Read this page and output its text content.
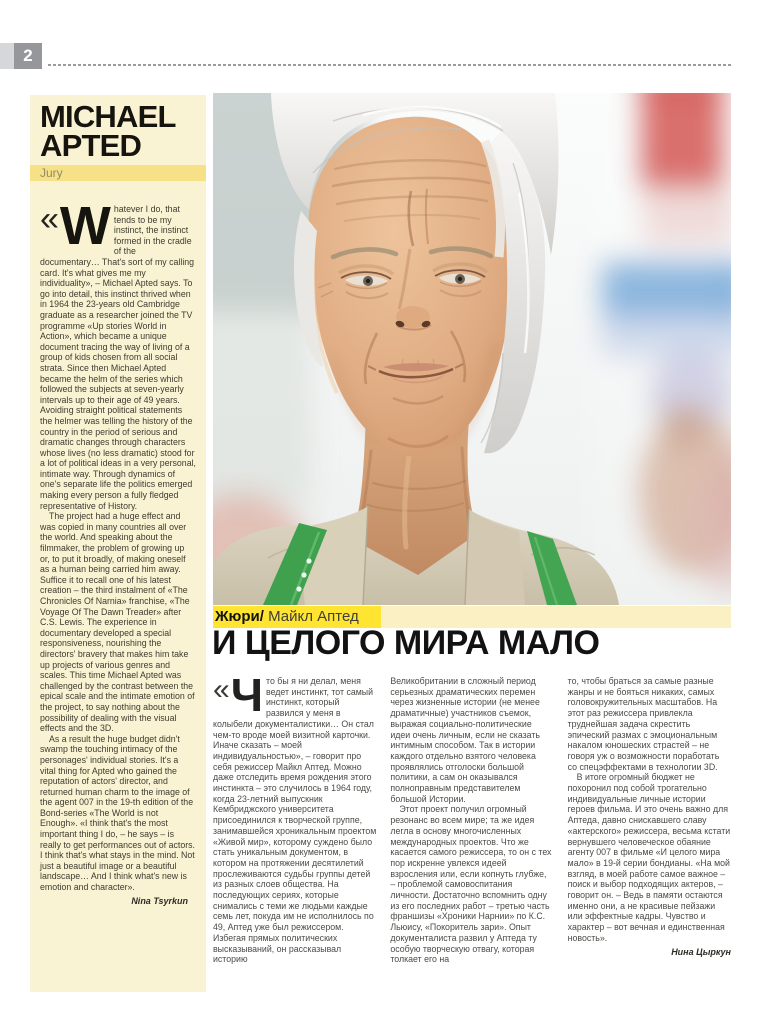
2
MICHAEL
APTED
Jury

« W hatever I do, that tends to be my instinct, the instinct formed in the cradle of the documentary… That's sort of my calling card. It's what gives me my individuality», – Michael Apted says. To go into detail, this instinct thrived when in 1964 the 23-years old Cambridge graduate as a researcher joined the TV programme «Up stories World in Action», which became a unique document tracing the way of living of a group of kids chosen from all social strata. Since then Michael Apted became the helm of the series which followed the subjects at seven-yearly intervals up to their age of 49 years. Avoiding straight political statements the helmer was telling the history of the country in the period of serious and dramatic changes through characters whose lives (no less dramatic) stood for a lot of political ideas in a very personal, intimate way. Through dynamics of one's separate life the politics emerged making every person a fully fledged representative of History.

The project had a huge effect and was copied in many countries all over the world. And speaking about the filmmaker, the problem of growing up or, to put it broadly, of making oneself as a human being carried him away. Suffice it to recall one of his latest creation – the third instalment of «The Chronicles Of Narnia» franchise, «The Voyage Of The Dawn Treader» after C.S. Lewis. The experience in documentary developed a special responsiveness, nourishing the directors' bravery that makes him take up projects of various genres and scales. This time Michael Apted was challenged by the contrast between the epical scale and the intimate emotion of the project, to say nothing about the possibility of dealing with the visual effects and the 3D.

As a result the huge budget didn't swamp the touching intimacy of the personages' individual stories. It's a vital thing for Apted who gained the reputation of actors' director, and returned human charm to the image of the agent 007 in the 19-th edition of the Bond-series «The World is not Enough». «I think that's the most important thing I do, – he says – is really to get performances out of actors. I think that's what stays in the mind. Not just a beautiful image or a beautiful landscape… And I think what's new is emotion and character».

Nina Tsyrkun
Жюри/ Майкл Аптед
И ЦЕЛОГО МИРА МАЛО

« Ч то бы я ни делал, меня ведет инстинкт, тот самый инстинкт, который развился у меня в колыбели документалистики… Он стал чем-то вроде моей визитной карточки. Иначе сказать – моей индивидуальностью», – говорит про себя режиссер Майкл Аптед. Можно даже отследить время рождения этого инстинкта – это случилось в 1964 году, когда 23-летний выпускник Кембриджского университета присоединился к творческой группе, занимавшейся хроникальным проектом «Живой мир», которому суждено было стать уникальным документом, в котором на протяжении десятилетий прослеживаются судьбы группы детей из разных слоев общества. На последующих сериях, которые снимались с теми же людьми каждые семь лет, покуда им не исполнилось по 49, Аптед уже был режиссером. Избегая прямых политических высказываний, он рассказывал историю

Великобритании в сложный период серьезных драматических перемен через жизненные истории (не менее драматичные) участников съемок, выражая социально-политические идеи очень личным, если не сказать интимным способом. Так в истории каждого отдельно взятого человека проявлялись отголоски большой политики, а сам он оказывался полноправным представителем большой Истории.

Этот проект получил огромный резонанс во всем мире; та же идея легла в основу многочисленных международных проектов. Что же касается самого режиссера, то он с тех пор искренне увлекся идеей взросления или, если копнуть глубже, – проблемой самовоспитания личности. Достаточно вспомнить одну из его последних работ – третью часть франшизы «Хроники Нарнии» по К.С. Льюису, «Покоритель зари». Опыт документалиста развил у Аптеда ту особую творческую отвагу, которая толкает его на

то, чтобы браться за самые разные жанры и не бояться никаких, самых головокружительных масштабов. На этот раз режиссера привлекла труднейшая задача скрестить эпический размах с эмоциональным накалом юношеских страстей – не говоря уж о возможности поработать со спецэффектами в технологии 3D.

В итоге огромный бюджет не похоронил под собой трогательно индивидуальные личные истории героев фильма. И это очень важно для Аптеда, давно снискавшего славу «актерского» режиссера, весьма кстати вернувшего человеческое обаяние агенту 007 в фильме «И целого мира мало» в 19-й серии бондианы. «На мой взгляд, в моей работе самое важное – поиск и выбор подходящих актеров, – говорит он. – Ведь в памяти остаются именно они, а не красивые пейзажи или эффектные кадры. Чувство и характер – вот вечная и единственная новость».

Нина Цыркун
